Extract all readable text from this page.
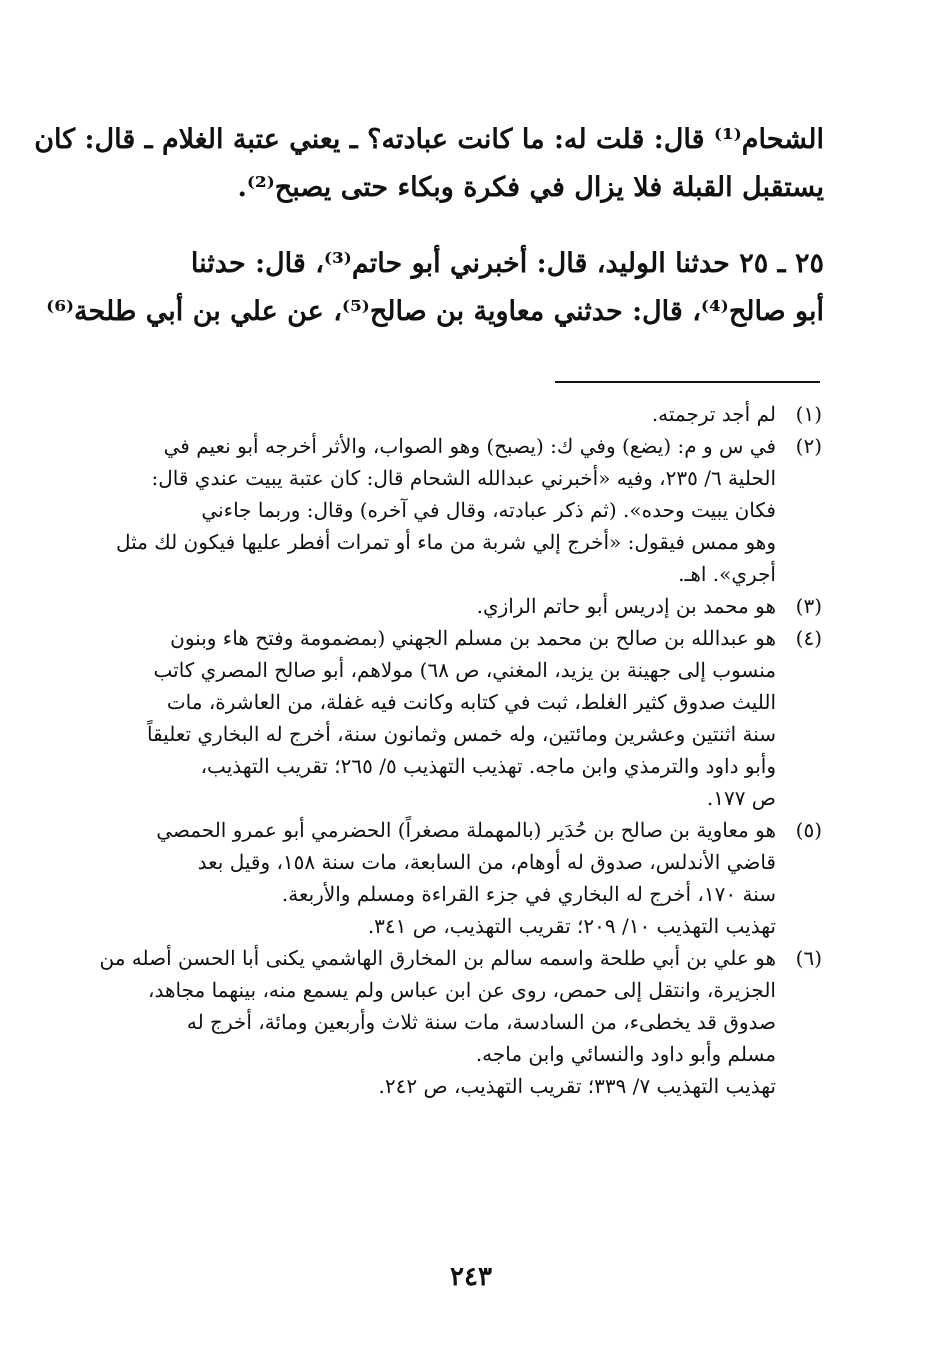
الشحام⁽¹⁾ قال: قلت له: ما كانت عبادته؟ ـ يعني عتبة الغلام ـ قال: كان
يستقبل القبلة فلا يزال في فكرة وبكاء حتى يصبح⁽²⁾.
٢٥ ـ ٢٥ حدثنا الوليد، قال: أخبرني أبو حاتم⁽³⁾، قال: حدثنا
أبو صالح⁽⁴⁾، قال: حدثني معاوية بن صالح⁽⁵⁾، عن علي بن أبي طلحة⁽⁶⁾
(١)
لم أجد ترجمته.
(٢)
في س و م: (يضع) وفي ك: (يصبح) وهو الصواب، والأثر أخرجه أبو نعيم في
الحلية ٦/ ٢٣٥، وفيه «أخبرني عبدالله الشحام قال: كان عتبة يبيت عندي قال:
فكان يبيت وحده». (ثم ذكر عبادته، وقال في آخره) وقال: وربما جاءني
وهو ممس فيقول: «أخرج إلي شربة من ماء أو تمرات أفطر عليها فيكون لك مثل
أجري». اهـ.
(٣)
هو محمد بن إدريس أبو حاتم الرازي.
(٤)
هو عبدالله بن صالح بن محمد بن مسلم الجهني (بمضمومة وفتح هاء وبنون
منسوب إلى جهينة بن يزيد، المغني، ص ٦٨) مولاهم، أبو صالح المصري كاتب
الليث صدوق كثير الغلط، ثبت في كتابه وكانت فيه غفلة، من العاشرة، مات
سنة اثنتين وعشرين ومائتين، وله خمس وثمانون سنة، أخرج له البخاري تعليقاً
وأبو داود والترمذي وابن ماجه. تهذيب التهذيب ٥/ ٢٦٥؛ تقريب التهذيب،
ص ١٧٧.
(٥)
هو معاوية بن صالح بن حُدَير (بالمهملة مصغراً) الحضرمي أبو عمرو الحمصي
قاضي الأندلس، صدوق له أوهام، من السابعة، مات سنة ١٥٨، وقيل بعد
سنة ١٧٠، أخرج له البخاري في جزء القراءة ومسلم والأربعة.
تهذيب التهذيب ١٠/ ٢٠٩؛ تقريب التهذيب، ص ٣٤١.
(٦)
هو علي بن أبي طلحة واسمه سالم بن المخارق الهاشمي يكنى أبا الحسن أصله من
الجزيرة، وانتقل إلى حمص، روى عن ابن عباس ولم يسمع منه، بينهما مجاهد،
صدوق قد يخطىء، من السادسة، مات سنة ثلاث وأربعين ومائة، أخرج له
مسلم وأبو داود والنسائي وابن ماجه.
تهذيب التهذيب ٧/ ٣٣٩؛ تقريب التهذيب، ص ٢٤٢.
٢٤٣
